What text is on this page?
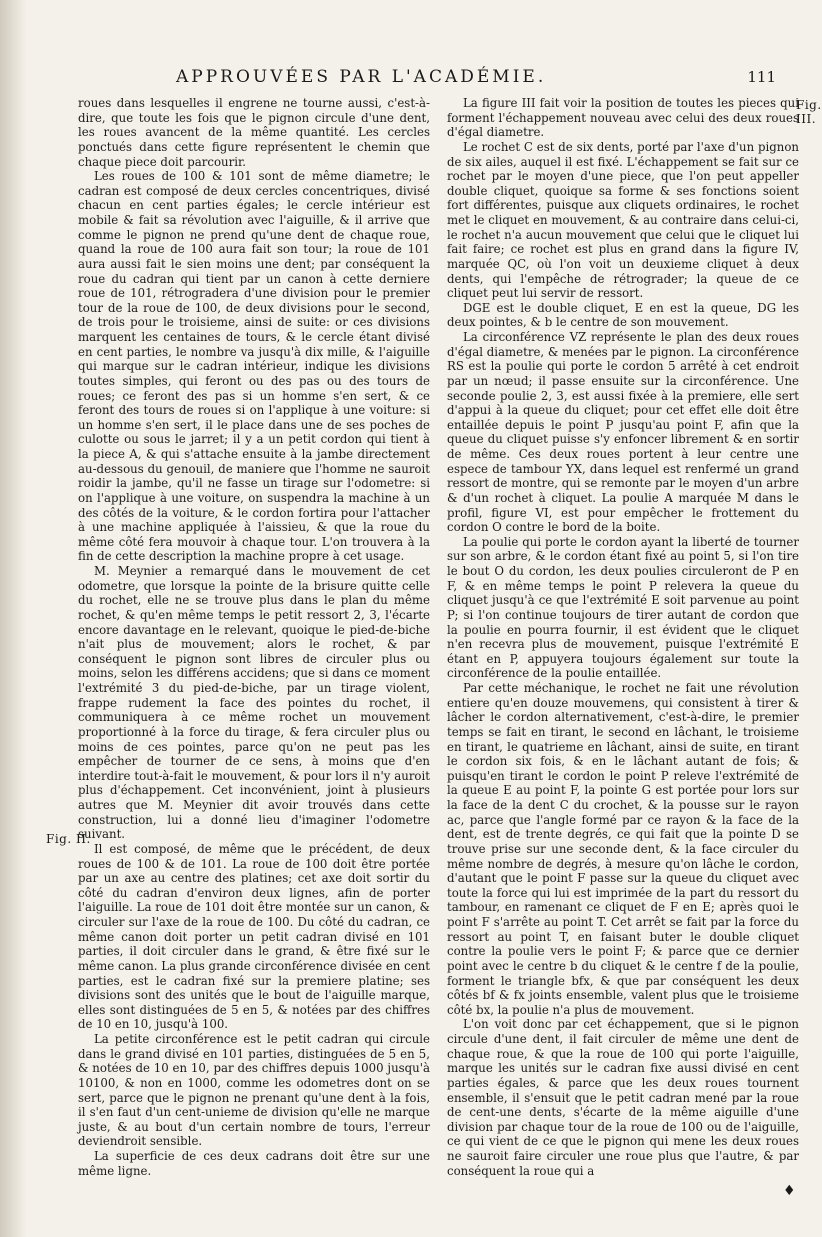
APPROUVÉES PAR L'ACADÉMIE.	111
Fig. II.
Fig. III.

roues dans lesquelles il engrene ne tourne aussi, c'est-à-dire, que toute les fois que le pignon circule d'une dent, les roues avancent de la même quantité. Les cercles ponctués dans cette figure représentent le chemin que chaque piece doit parcourir.

Les roues de 100 & 101 sont de même diametre; le cadran est composé de deux cercles concentriques, divisé chacun en cent parties égales; le cercle intérieur est mobile & fait sa révolution avec l'aiguille, & il arrive que comme le pignon ne prend qu'une dent de chaque roue, quand la roue de 100 aura fait son tour; la roue de 101 aura aussi fait le sien moins une dent; par conséquent la roue du cadran qui tient par un canon à cette derniere roue de 101, rétrogradera d'une division pour le premier tour de la roue de 100, de deux divisions pour le second, de trois pour le troisieme, ainsi de suite: or ces divisions marquent les centaines de tours, & le cercle étant divisé en cent parties, le nombre va jusqu'à dix mille, & l'aiguille qui marque sur le cadran intérieur, indique les divisions toutes simples, qui feront ou des pas ou des tours de roues; ce feront des pas si un homme s'en sert, & ce feront des tours de roues si on l'applique à une voiture: si un homme s'en sert, il le place dans une de ses poches de culotte ou sous le jarret; il y a un petit cordon qui tient à la piece A, & qui s'attache ensuite à la jambe directement au-dessous du genouil, de maniere que l'homme ne sauroit roidir la jambe, qu'il ne fasse un tirage sur l'odometre: si on l'applique à une voiture, on suspendra la machine à un des côtés de la voiture, & le cordon fortira pour l'attacher à une machine appliquée à l'aissieu, & que la roue du même côté fera mouvoir à chaque tour. L'on trouvera à la fin de cette description la machine propre à cet usage.

M. Meynier a remarqué dans le mouvement de cet odometre, que lorsque la pointe de la brisure quitte celle du rochet, elle ne se trouve plus dans le plan du même rochet, & qu'en même temps le petit ressort 2, 3, l'écarte encore davantage en le relevant, quoique le pied-de-biche n'ait plus de mouvement; alors le rochet, & par conséquent le pignon sont libres de circuler plus ou moins, selon les différens accidens; que si dans ce moment l'extrémité 3 du pied-de-biche, par un tirage violent, frappe rudement la face des pointes du rochet, il communiquera à ce même rochet un mouvement proportionné à la force du tirage, & fera circuler plus ou moins de ces pointes, parce qu'on ne peut pas les empêcher de tourner de ce sens, à moins que d'en interdire tout-à-fait le mouvement, & pour lors il n'y auroit plus d'échappement. Cet inconvénient, joint à plusieurs autres que M. Meynier dit avoir trouvés dans cette construction, lui a donné lieu d'imaginer l'odometre suivant.

Il est composé, de même que le précédent, de deux roues de 100 & de 101. La roue de 100 doit être portée par un axe au centre des platines; cet axe doit sortir du côté du cadran d'environ deux lignes, afin de porter l'aiguille. La roue de 101 doit être montée sur un canon, & circuler sur l'axe de la roue de 100. Du côté du cadran, ce même canon doit porter un petit cadran divisé en 101 parties, il doit circuler dans le grand, & être fixé sur le même canon. La plus grande circonférence divisée en cent parties, est le cadran fixé sur la premiere platine; ses divisions sont des unités que le bout de l'aiguille marque, elles sont distinguées de 5 en 5, & notées par des chiffres de 10 en 10, jusqu'à 100.

La petite circonférence est le petit cadran qui circule dans le grand divisé en 101 parties, distinguées de 5 en 5, & notées de 10 en 10, par des chiffres depuis 1000 jusqu'à 10100, & non en 1000, comme les odometres dont on se sert, parce que le pignon ne prenant qu'une dent à la fois, il s'en faut d'un cent-unieme de division qu'elle ne marque juste, & au bout d'un certain nombre de tours, l'erreur deviendroit sensible.

La superficie de ces deux cadrans doit être sur une même ligne.

La figure III fait voir la position de toutes les pieces qui forment l'échappement nouveau avec celui des deux roues d'égal diametre.

Le rochet C est de six dents, porté par l'axe d'un pignon de six ailes, auquel il est fixé. L'échappement se fait sur ce rochet par le moyen d'une piece, que l'on peut appeller double cliquet, quoique sa forme & ses fonctions soient fort différentes, puisque aux cliquets ordinaires, le rochet met le cliquet en mouvement, & au contraire dans celui-ci, le rochet n'a aucun mouvement que celui que le cliquet lui fait faire; ce rochet est plus en grand dans la figure IV, marquée QC, où l'on voit un deuxieme cliquet à deux dents, qui l'empêche de rétrograder; la queue de ce cliquet peut lui servir de ressort.

DGE est le double cliquet, E en est la queue, DG les deux pointes, & b le centre de son mouvement.

La circonférence VZ représente le plan des deux roues d'égal diametre, & menées par le pignon. La circonférence RS est la poulie qui porte le cordon 5 arrêté à cet endroit par un nœud; il passe ensuite sur la circonférence. Une seconde poulie 2, 3, est aussi fixée à la premiere, elle sert d'appui à la queue du cliquet; pour cet effet elle doit être entaillée depuis le point P jusqu'au point F, afin que la queue du cliquet puisse s'y enfoncer librement & en sortir de même. Ces deux roues portent à leur centre une espece de tambour YX, dans lequel est renfermé un grand ressort de montre, qui se remonte par le moyen d'un arbre & d'un rochet à cliquet. La poulie A marquée M dans le profil, figure VI, est pour empêcher le frottement du cordon O contre le bord de la boite.

La poulie qui porte le cordon ayant la liberté de tourner sur son arbre, & le cordon étant fixé au point 5, si l'on tire le bout O du cordon, les deux poulies circuleront de P en F, & en même temps le point P relevera la queue du cliquet jusqu'à ce que l'extrémité E soit parvenue au point P; si l'on continue toujours de tirer autant de cordon que la poulie en pourra fournir, il est évident que le cliquet n'en recevra plus de mouvement, puisque l'extrémité E étant en P, appuyera toujours également sur toute la circonférence de la poulie entaillée.

Par cette méchanique, le rochet ne fait une révolution entiere qu'en douze mouvemens, qui consistent à tirer & lâcher le cordon alternativement, c'est-à-dire, le premier temps se fait en tirant, le second en lâchant, le troisieme en tirant, le quatrieme en lâchant, ainsi de suite, en tirant le cordon six fois, & en le lâchant autant de fois; & puisqu'en tirant le cordon le point P releve l'extrémité de la queue E au point F, la pointe G est portée pour lors sur la face de la dent C du crochet, & la pousse sur le rayon ac, parce que l'angle formé par ce rayon & la face de la dent, est de trente degrés, ce qui fait que la pointe D se trouve prise sur une seconde dent, & la face circuler du même nombre de degrés, à mesure qu'on lâche le cordon, d'autant que le point F passe sur la queue du cliquet avec toute la force qui lui est imprimée de la part du ressort du tambour, en ramenant ce cliquet de F en E; après quoi le point F s'arrête au point T. Cet arrêt se fait par la force du ressort au point T, en faisant buter le double cliquet contre la poulie vers le point F; & parce que ce dernier point avec le centre b du cliquet & le centre f de la poulie, forment le triangle bfx, & que par conséquent les deux côtés bf & fx joints ensemble, valent plus que le troisieme côté bx, la poulie n'a plus de mouvement.

L'on voit donc par cet échappement, que si le pignon circule d'une dent, il fait circuler de même une dent de chaque roue, & que la roue de 100 qui porte l'aiguille, marque les unités sur le cadran fixe aussi divisé en cent parties égales, & parce que les deux roues tournent ensemble, il s'ensuit que le petit cadran mené par la roue de cent-une dents, s'écarte de la même aiguille d'une division par chaque tour de la roue de 100 ou de l'aiguille, ce qui vient de ce que le pignon qui mene les deux roues ne sauroit faire circuler une roue plus que l'autre, & par conséquent la roue qui a

♦
